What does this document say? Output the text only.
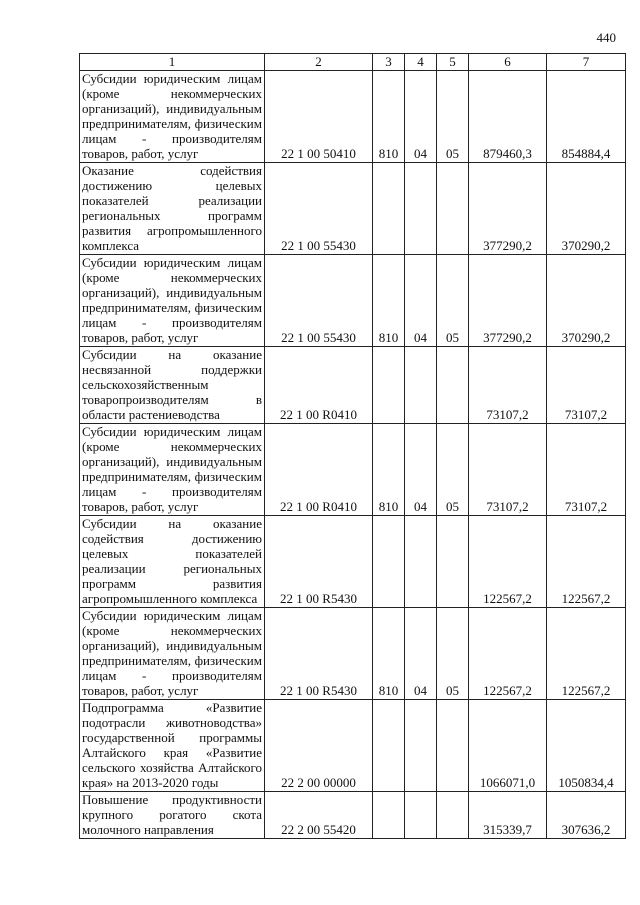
440
1	2	3	4	5	6	7
Субсидии юридическим лицам (кроме некоммерческих организаций), индивидуальным предпринимателям, физическим лицам - производителям товаров, работ, услуг	22 1 00 50410	810	04	05	879460,3	854884,4
Оказание содействия достижению целевых показателей реализации региональных программ развития агропромышленного комплекса	22 1 00 55430				377290,2	370290,2
Субсидии юридическим лицам (кроме некоммерческих организаций), индивидуальным предпринимателям, физическим лицам - производителям товаров, работ, услуг	22 1 00 55430	810	04	05	377290,2	370290,2
Субсидии на оказание несвязанной поддержки сельскохозяйственным товаропроизводителям в области растениеводства	22 1 00 R0410				73107,2	73107,2
Субсидии юридическим лицам (кроме некоммерческих организаций), индивидуальным предпринимателям, физическим лицам - производителям товаров, работ, услуг	22 1 00 R0410	810	04	05	73107,2	73107,2
Субсидии на оказание содействия достижению целевых показателей реализации региональных программ развития агропромышленного комплекса	22 1 00 R5430				122567,2	122567,2
Субсидии юридическим лицам (кроме некоммерческих организаций), индивидуальным предпринимателям, физическим лицам - производителям товаров, работ, услуг	22 1 00 R5430	810	04	05	122567,2	122567,2
Подпрограмма «Развитие подотрасли животноводства» государственной программы Алтайского края «Развитие сельского хозяйства Алтайского края» на 2013-2020 годы	22 2 00 00000				1066071,0	1050834,4
Повышение продуктивности крупного рогатого скота молочного направления	22 2 00 55420				315339,7	307636,2
